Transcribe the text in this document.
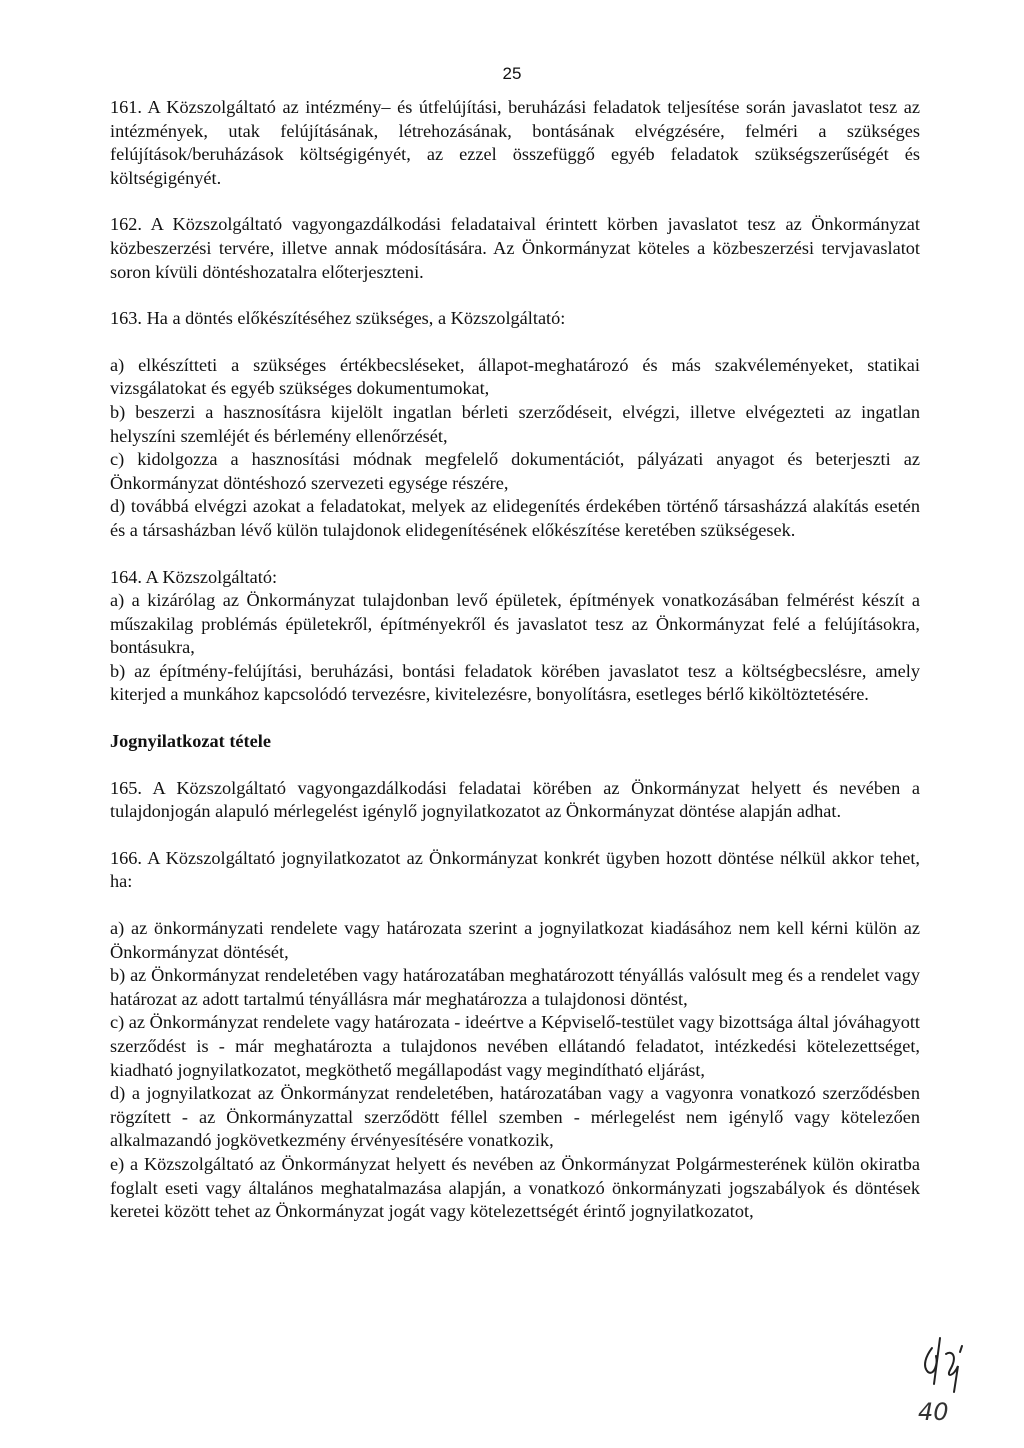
25

161. A Közszolgáltató az intézmény– és útfelújítási, beruházási feladatok teljesítése során javaslatot tesz az intézmények, utak felújításának, létrehozásának, bontásának elvégzésére, felméri a szükséges felújítások/beruházások költségigényét, az ezzel összefüggő egyéb feladatok szükségszerűségét és költségigényét.

162. A Közszolgáltató vagyongazdálkodási feladataival érintett körben javaslatot tesz az Önkormányzat közbeszerzési tervére, illetve annak módosítására. Az Önkormányzat köteles a közbeszerzési tervjavaslatot soron kívüli döntéshozatalra előterjeszteni.

163. Ha a döntés előkészítéséhez szükséges, a Közszolgáltató:

a) elkészítteti a szükséges értékbecsléseket, állapot-meghatározó és más szakvéleményeket, statikai vizsgálatokat és egyéb szükséges dokumentumokat,

b) beszerzi a hasznosításra kijelölt ingatlan bérleti szerződéseit, elvégzi, illetve elvégezteti az ingatlan helyszíni szemléjét és bérlemény ellenőrzését,

c) kidolgozza a hasznosítási módnak megfelelő dokumentációt, pályázati anyagot és beterjeszti az Önkormányzat döntéshozó szervezeti egysége részére,

d) továbbá elvégzi azokat a feladatokat, melyek az elidegenítés érdekében történő társasházzá alakítás esetén és a társasházban lévő külön tulajdonok elidegenítésének előkészítése keretében szükségesek.

164. A Közszolgáltató:

a) a kizárólag az Önkormányzat tulajdonban levő épületek, építmények vonatkozásában felmérést készít a műszakilag problémás épületekről, építményekről és javaslatot tesz az Önkormányzat felé a felújításokra, bontásukra,

b) az építmény-felújítási, beruházási, bontási feladatok körében javaslatot tesz a költségbecslésre, amely kiterjed a munkához kapcsolódó tervezésre, kivitelezésre, bonyolításra, esetleges bérlő kiköltöztetésére.

Jognyilatkozat tétele

165. A Közszolgáltató vagyongazdálkodási feladatai körében az Önkormányzat helyett és nevében a tulajdonjogán alapuló mérlegelést igénylő jognyilatkozatot az Önkormányzat döntése alapján adhat.

166. A Közszolgáltató jognyilatkozatot az Önkormányzat konkrét ügyben hozott döntése nélkül akkor tehet, ha:

a) az önkormányzati rendelete vagy határozata szerint a jognyilatkozat kiadásához nem kell kérni külön az Önkormányzat döntését,

b) az Önkormányzat rendeletében vagy határozatában meghatározott tényállás valósult meg és a rendelet vagy határozat az adott tartalmú tényállásra már meghatározza a tulajdonosi döntést,

c) az Önkormányzat rendelete vagy határozata - ideértve a Képviselő-testület vagy bizottsága által jóváhagyott szerződést is - már meghatározta a tulajdonos nevében ellátandó feladatot, intézkedési kötelezettséget, kiadható jognyilatkozatot, megköthető megállapodást vagy megindítható eljárást,

d) a jognyilatkozat az Önkormányzat rendeletében, határozatában vagy a vagyonra vonatkozó szerződésben rögzített - az Önkormányzattal szerződött féllel szemben - mérlegelést nem igénylő vagy kötelezően alkalmazandó jogkövetkezmény érvényesítésére vonatkozik,

e) a Közszolgáltató az Önkormányzat helyett és nevében az Önkormányzat Polgármesterének külön okiratba foglalt eseti vagy általános meghatalmazása alapján, a vonatkozó önkormányzati jogszabályok és döntések keretei között tehet az Önkormányzat jogát vagy kötelezettségét érintő jognyilatkozatot,

40
